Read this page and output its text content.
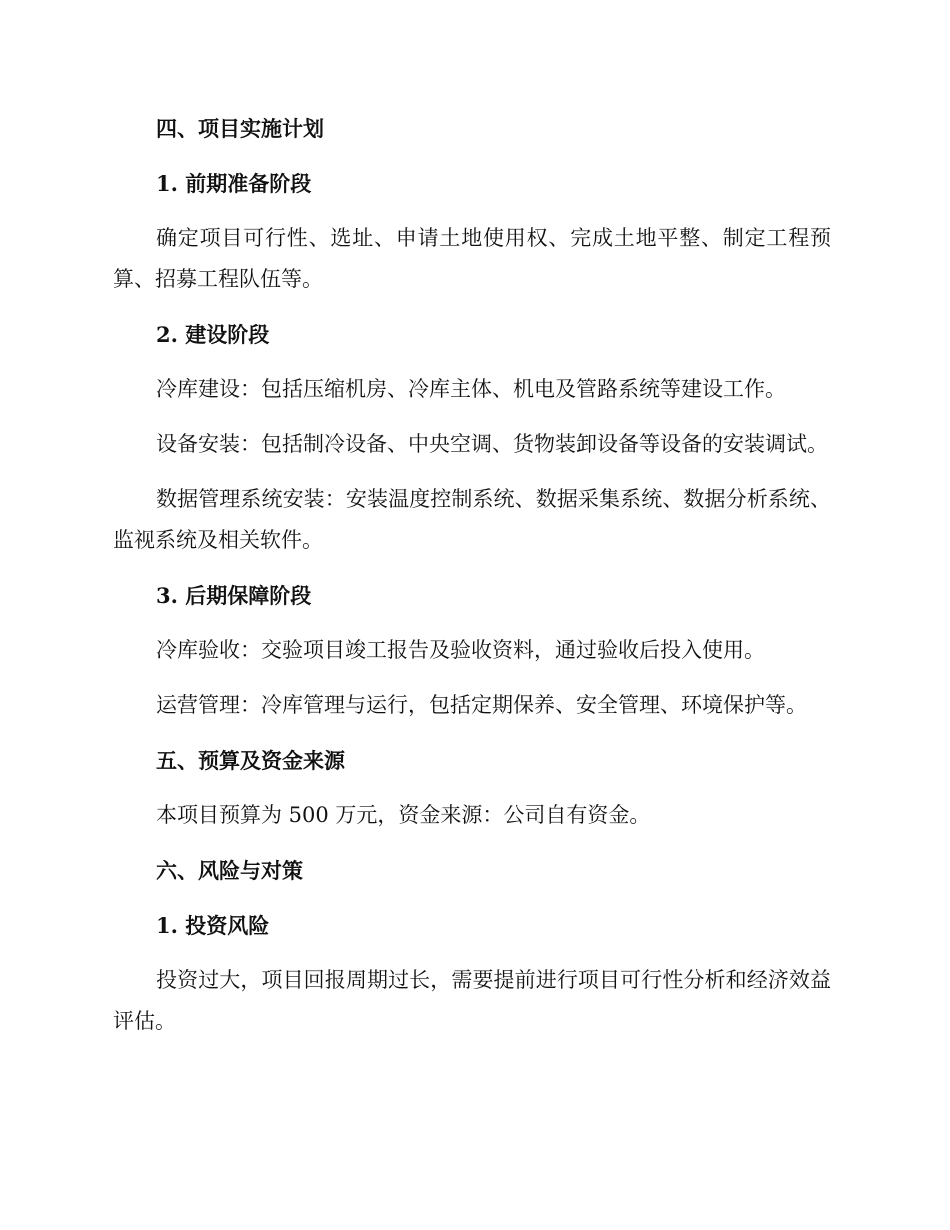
四、项目实施计划
1. 前期准备阶段

确定项目可行性、选址、申请土地使用权、完成土地平整、制定工程预算、招募工程队伍等。

2. 建设阶段

冷库建设：包括压缩机房、冷库主体、机电及管路系统等建设工作。

设备安装：包括制冷设备、中央空调、货物装卸设备等设备的安装调试。

数据管理系统安装：安装温度控制系统、数据采集系统、数据分析系统、监视系统及相关软件。

3. 后期保障阶段

冷库验收：交验项目竣工报告及验收资料，通过验收后投入使用。

运营管理：冷库管理与运行，包括定期保养、安全管理、环境保护等。

五、预算及资金来源

本项目预算为 500 万元，资金来源：公司自有资金。

六、风险与对策
1. 投资风险

投资过大，项目回报周期过长，需要提前进行项目可行性分析和经济效益评估。
